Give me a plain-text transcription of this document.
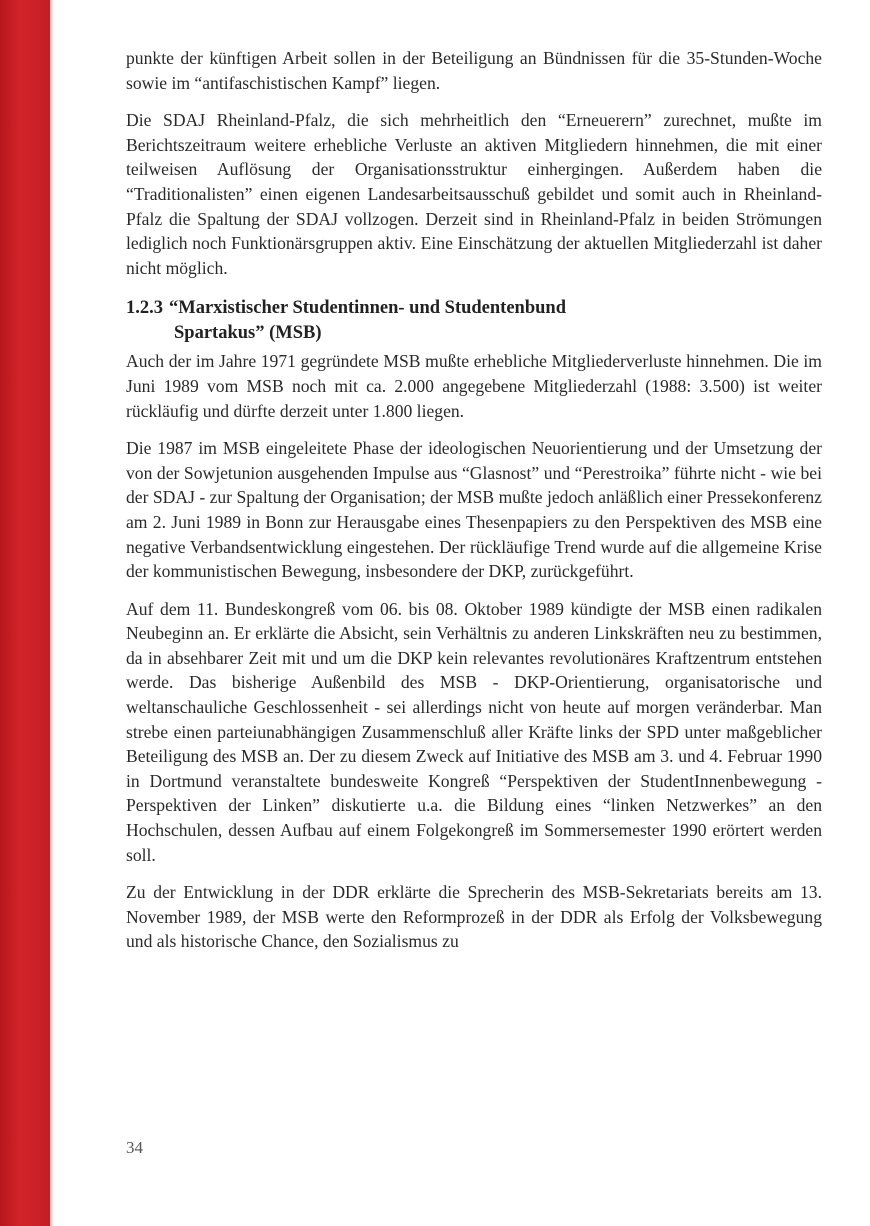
punkte der künftigen Arbeit sollen in der Beteiligung an Bündnissen für die 35-Stunden-Woche sowie im “antifaschistischen Kampf” liegen.

Die SDAJ Rheinland-Pfalz, die sich mehrheitlich den “Erneuerern” zurechnet, mußte im Berichtszeitraum weitere erhebliche Verluste an aktiven Mitgliedern hinnehmen, die mit einer teilweisen Auflösung der Organisationsstruktur einhergingen. Außerdem haben die “Traditionalisten” einen eigenen Landesarbeitsausschuß gebildet und somit auch in Rheinland-Pfalz die Spaltung der SDAJ vollzogen. Derzeit sind in Rheinland-Pfalz in beiden Strömungen lediglich noch Funktionärsgruppen aktiv. Eine Einschätzung der aktuellen Mitgliederzahl ist daher nicht möglich.

1.2.3 “Marxistischer Studentinnen- und Studentenbund
Spartakus” (MSB)

Auch der im Jahre 1971 gegründete MSB mußte erhebliche Mitgliederverluste hinnehmen. Die im Juni 1989 vom MSB noch mit ca. 2.000 angegebene Mitgliederzahl (1988: 3.500) ist weiter rückläufig und dürfte derzeit unter 1.800 liegen.

Die 1987 im MSB eingeleitete Phase der ideologischen Neuorientierung und der Umsetzung der von der Sowjetunion ausgehenden Impulse aus “Glasnost” und “Perestroika” führte nicht - wie bei der SDAJ - zur Spaltung der Organisation; der MSB mußte jedoch anläßlich einer Pressekonferenz am 2. Juni 1989 in Bonn zur Herausgabe eines Thesenpapiers zu den Perspektiven des MSB eine negative Verbandsentwicklung eingestehen. Der rückläufige Trend wurde auf die allgemeine Krise der kommunistischen Bewegung, insbesondere der DKP, zurückgeführt.

Auf dem 11. Bundeskongreß vom 06. bis 08. Oktober 1989 kündigte der MSB einen radikalen Neubeginn an. Er erklärte die Absicht, sein Verhältnis zu anderen Linkskräften neu zu bestimmen, da in absehbarer Zeit mit und um die DKP kein relevantes revolutionäres Kraftzentrum entstehen werde. Das bisherige Außenbild des MSB - DKP-Orientierung, organisatorische und weltanschauliche Geschlossenheit - sei allerdings nicht von heute auf morgen veränderbar. Man strebe einen parteiunabhängigen Zusammenschluß aller Kräfte links der SPD unter maßgeblicher Beteiligung des MSB an. Der zu diesem Zweck auf Initiative des MSB am 3. und 4. Februar 1990 in Dortmund veranstaltete bundesweite Kongreß “Perspektiven der StudentInnenbewegung - Perspektiven der Linken” diskutierte u.a. die Bildung eines “linken Netzwerkes” an den Hochschulen, dessen Aufbau auf einem Folgekongreß im Sommersemester 1990 erörtert werden soll.

Zu der Entwicklung in der DDR erklärte die Sprecherin des MSB-Sekretariats bereits am 13. November 1989, der MSB werte den Reformprozeß in der DDR als Erfolg der Volksbewegung und als historische Chance, den Sozialismus zu

34
